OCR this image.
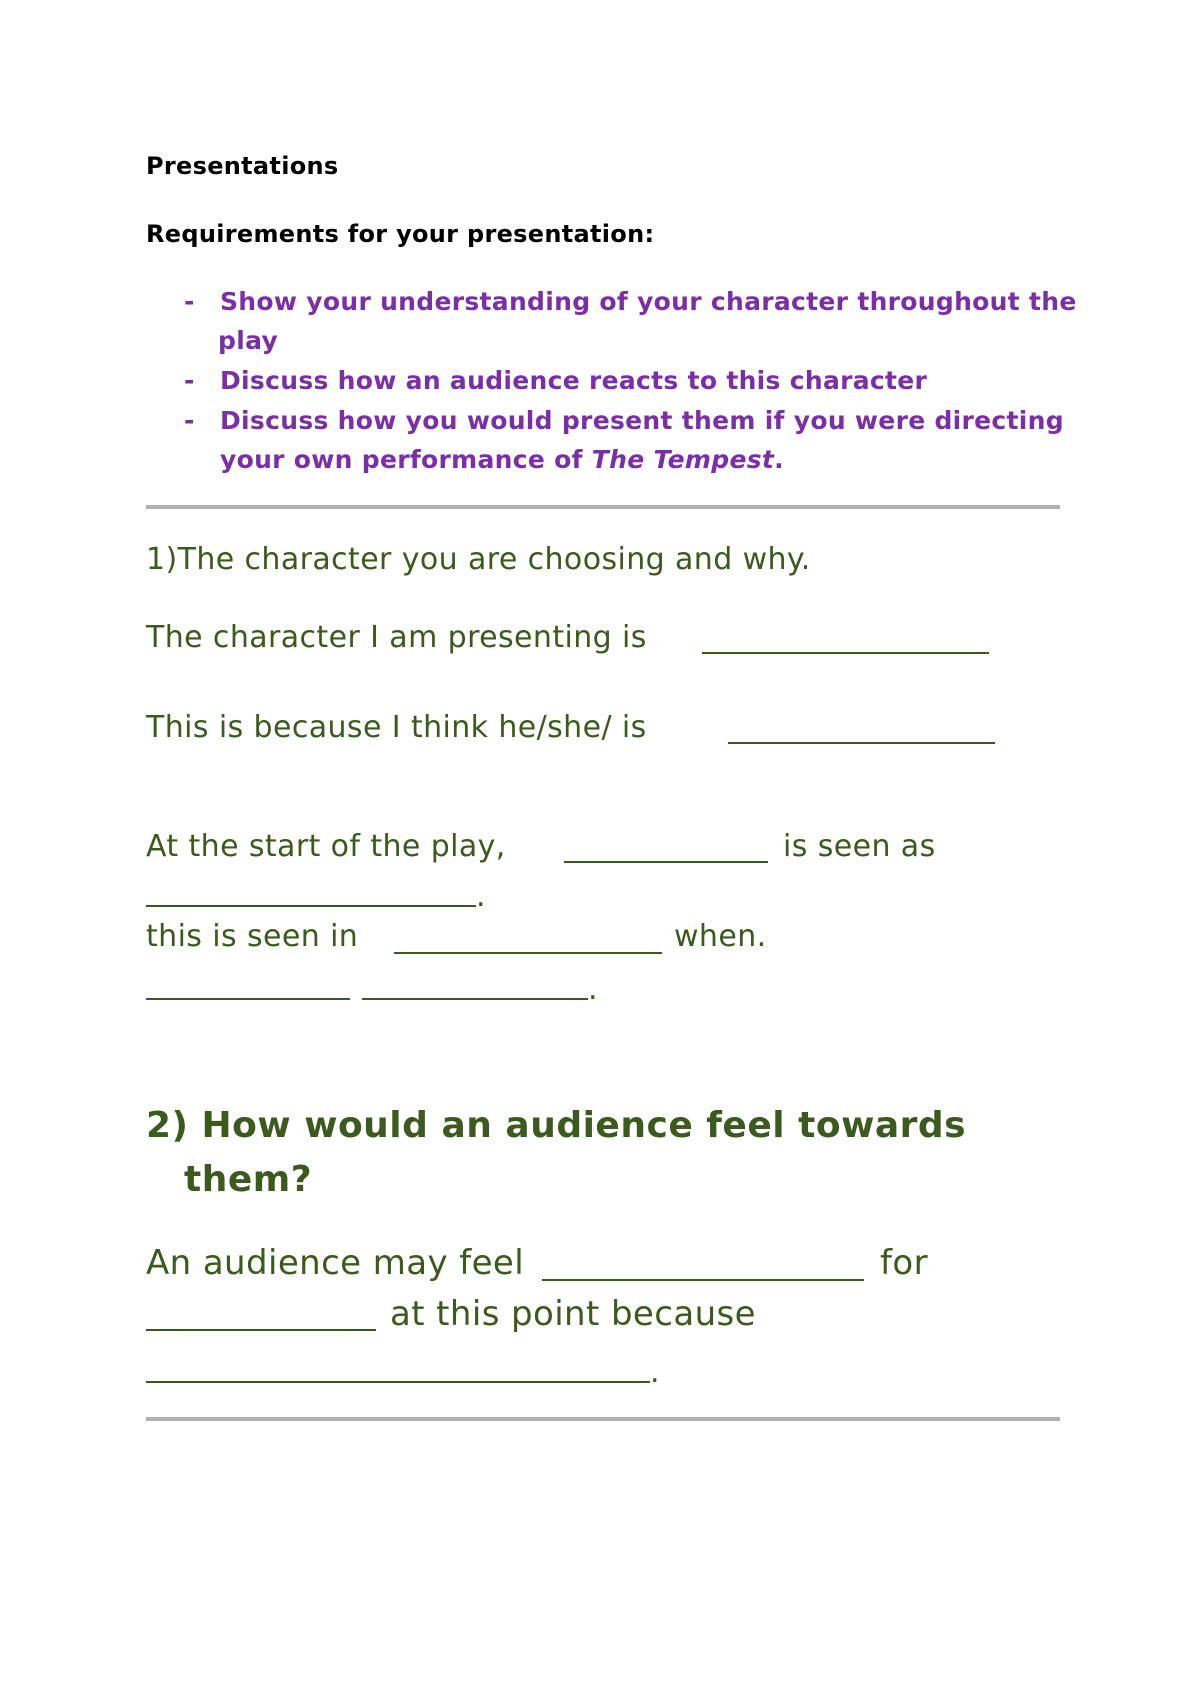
Presentations
Requirements for your presentation:
- Show your understanding of your character throughout the
play
- Discuss how an audience reacts to this character
- Discuss how you would present them if you were directing
your own performance of The Tempest.
1)The character you are choosing and why.
The character I am presenting is
This is because I think he/she/ is
At the start of the play,	is seen as
.
this is seen in	when.
.
2) How would an audience feel towards
them?
An audience may feel	for
at this point because
.
